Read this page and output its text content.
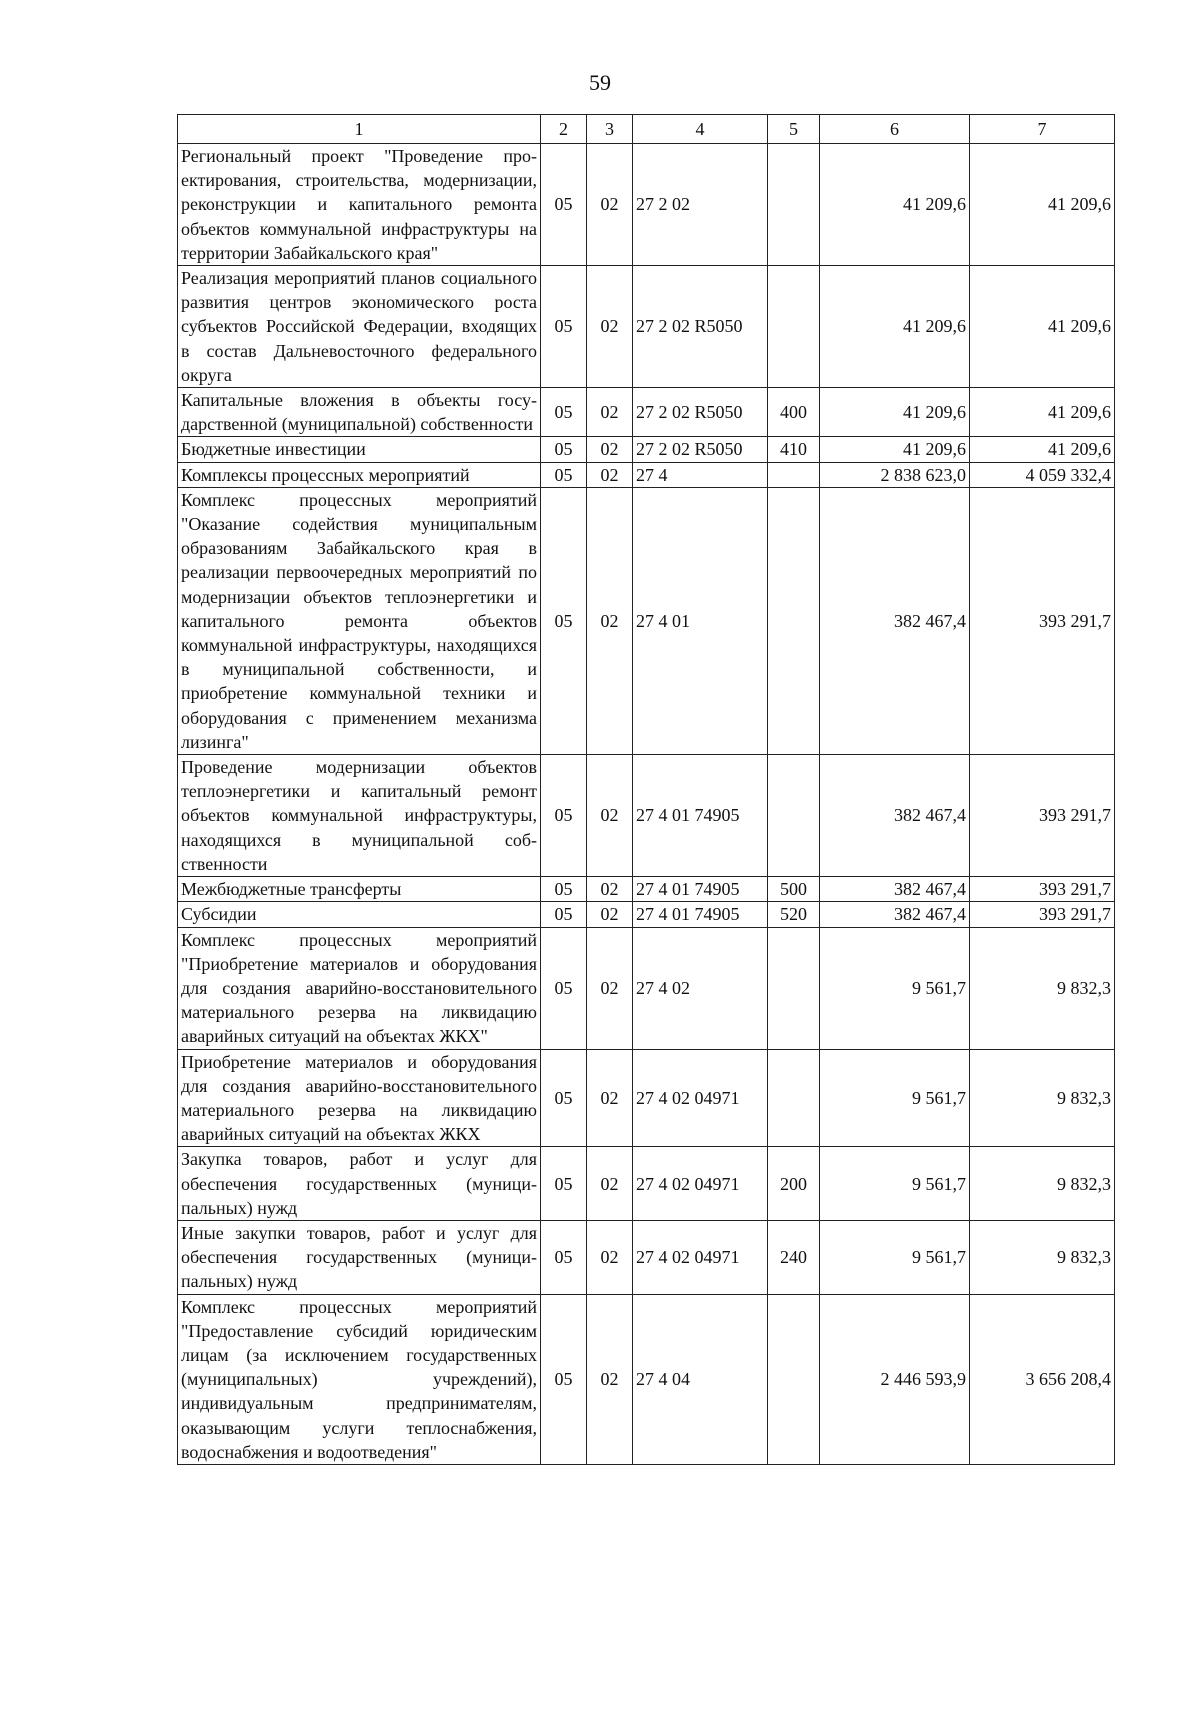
59
1	2	3	4	5	6	7
Региональный проект "Проведение проектирования, строительства, модернизации, реконструкции и капитального ремонта объектов коммунальной инфраструктуры на территории Забайкальского края"	05	02	27 2 02		41 209,6	41 209,6
Реализация мероприятий планов социального развития центров экономического роста субъектов Российской Федерации, входящих в состав Дальневосточного федерального округа	05	02	27 2 02 R5050		41 209,6	41 209,6
Капитальные вложения в объекты государственной (муниципальной) собственности	05	02	27 2 02 R5050	400	41 209,6	41 209,6
Бюджетные инвестиции	05	02	27 2 02 R5050	410	41 209,6	41 209,6
Комплексы процессных мероприятий	05	02	27 4		2 838 623,0	4 059 332,4
Комплекс процессных мероприятий "Оказание содействия муниципальным образованиям Забайкальского края в реализации первоочередных мероприятий по модернизации объектов теплоэнергетики и капитального ремонта объектов коммунальной инфраструктуры, находящихся в муниципальной собственности, и приобретение коммунальной техники и оборудования с применением механизма лизинга"	05	02	27 4 01		382 467,4	393 291,7
Проведение модернизации объектов теплоэнергетики и капитальный ремонт объектов коммунальной инфраструктуры, находящихся в муниципальной собственности	05	02	27 4 01 74905		382 467,4	393 291,7
Межбюджетные трансферты	05	02	27 4 01 74905	500	382 467,4	393 291,7
Субсидии	05	02	27 4 01 74905	520	382 467,4	393 291,7
Комплекс процессных мероприятий "Приобретение материалов и оборудования для создания аварийно-восстановительного материального резерва на ликвидацию аварийных ситуаций на объектах ЖКХ"	05	02	27 4 02		9 561,7	9 832,3
Приобретение материалов и оборудования для создания аварийно-восстановительного материального резерва на ликвидацию аварийных ситуаций на объектах ЖКХ	05	02	27 4 02 04971		9 561,7	9 832,3
Закупка товаров, работ и услуг для обеспечения государственных (муниципальных) нужд	05	02	27 4 02 04971	200	9 561,7	9 832,3
Иные закупки товаров, работ и услуг для обеспечения государственных (муниципальных) нужд	05	02	27 4 02 04971	240	9 561,7	9 832,3
Комплекс процессных мероприятий "Предоставление субсидий юридическим лицам (за исключением государственных (муниципальных) учреждений), индивидуальным предпринимателям, оказывающим услуги теплоснабжения, водоснабжения и водоотведения"	05	02	27 4 04		2 446 593,9	3 656 208,4
